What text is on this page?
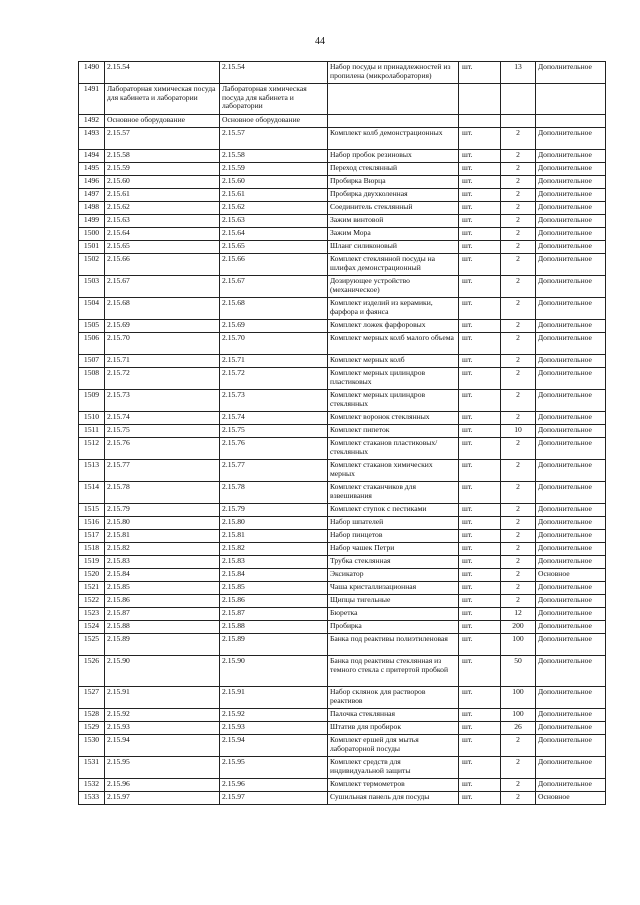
44
1490	2.15.54	2.15.54	Набор посуды и принадлежностей из пропилена (микролаборатория)	шт.	13	Дополнительное
1491	Лабораторная химическая посуда для кабинета и лаборатории	Лабораторная химическая посуда для кабинета и лаборатории				
1492	Основное оборудование	Основное оборудование				
1493	2.15.57	2.15.57	Комплект колб демонстрационных	шт.	2	Дополнительное
1494	2.15.58	2.15.58	Набор пробок резиновых	шт.	2	Дополнительное
1495	2.15.59	2.15.59	Переход стеклянный	шт.	2	Дополнительное
1496	2.15.60	2.15.60	Пробирка Вюрца	шт.	2	Дополнительное
1497	2.15.61	2.15.61	Пробирка двухколенная	шт.	2	Дополнительное
1498	2.15.62	2.15.62	Соединитель стеклянный	шт.	2	Дополнительное
1499	2.15.63	2.15.63	Зажим винтовой	шт.	2	Дополнительное
1500	2.15.64	2.15.64	Зажим Мора	шт.	2	Дополнительное
1501	2.15.65	2.15.65	Шланг силиконовый	шт.	2	Дополнительное
1502	2.15.66	2.15.66	Комплект стеклянной посуды на шлифах демонстрационный	шт.	2	Дополнительное
1503	2.15.67	2.15.67	Дозирующее устройство (механическое)	шт.	2	Дополнительное
1504	2.15.68	2.15.68	Комплект изделий из керамики, фарфора и фаянса	шт.	2	Дополнительное
1505	2.15.69	2.15.69	Комплект ложек фарфоровых	шт.	2	Дополнительное
1506	2.15.70	2.15.70	Комплект мерных колб малого объема	шт.	2	Дополнительное
1507	2.15.71	2.15.71	Комплект мерных колб	шт.	2	Дополнительное
1508	2.15.72	2.15.72	Комплект мерных цилиндров пластиковых	шт.	2	Дополнительное
1509	2.15.73	2.15.73	Комплект мерных цилиндров стеклянных	шт.	2	Дополнительное
1510	2.15.74	2.15.74	Комплект воронок стеклянных	шт.	2	Дополнительное
1511	2.15.75	2.15.75	Комплект пипеток	шт.	10	Дополнительное
1512	2.15.76	2.15.76	Комплект стаканов пластиковых/стеклянных	шт.	2	Дополнительное
1513	2.15.77	2.15.77	Комплект стаканов химических мерных	шт.	2	Дополнительное
1514	2.15.78	2.15.78	Комплект стаканчиков для взвешивания	шт.	2	Дополнительное
1515	2.15.79	2.15.79	Комплект ступок с пестиками	шт.	2	Дополнительное
1516	2.15.80	2.15.80	Набор шпателей	шт.	2	Дополнительное
1517	2.15.81	2.15.81	Набор пинцетов	шт.	2	Дополнительное
1518	2.15.82	2.15.82	Набор чашек Петри	шт.	2	Дополнительное
1519	2.15.83	2.15.83	Трубка стеклянная	шт.	2	Дополнительное
1520	2.15.84	2.15.84	Эксикатор	шт.	2	Основное
1521	2.15.85	2.15.85	Чаша кристаллизационная	шт.	2	Дополнительное
1522	2.15.86	2.15.86	Щипцы тигельные	шт.	2	Дополнительное
1523	2.15.87	2.15.87	Бюретка	шт.	12	Дополнительное
1524	2.15.88	2.15.88	Пробирка	шт.	200	Дополнительное
1525	2.15.89	2.15.89	Банка под реактивы полиэтиленовая	шт.	100	Дополнительное
1526	2.15.90	2.15.90	Банка под реактивы стеклянная из темного стекла с притертой пробкой	шт.	50	Дополнительное
1527	2.15.91	2.15.91	Набор склянок для растворов реактивов	шт.	100	Дополнительное
1528	2.15.92	2.15.92	Палочка стеклянная	шт.	100	Дополнительное
1529	2.15.93	2.15.93	Штатив для пробирок	шт.	26	Дополнительное
1530	2.15.94	2.15.94	Комплект ершей для мытья лабораторной посуды	шт.	2	Дополнительное
1531	2.15.95	2.15.95	Комплект средств для индивидуальной защиты	шт.	2	Дополнительное
1532	2.15.96	2.15.96	Комплект термометров	шт.	2	Дополнительное
1533	2.15.97	2.15.97	Сушильная панель для посуды	шт.	2	Основное
